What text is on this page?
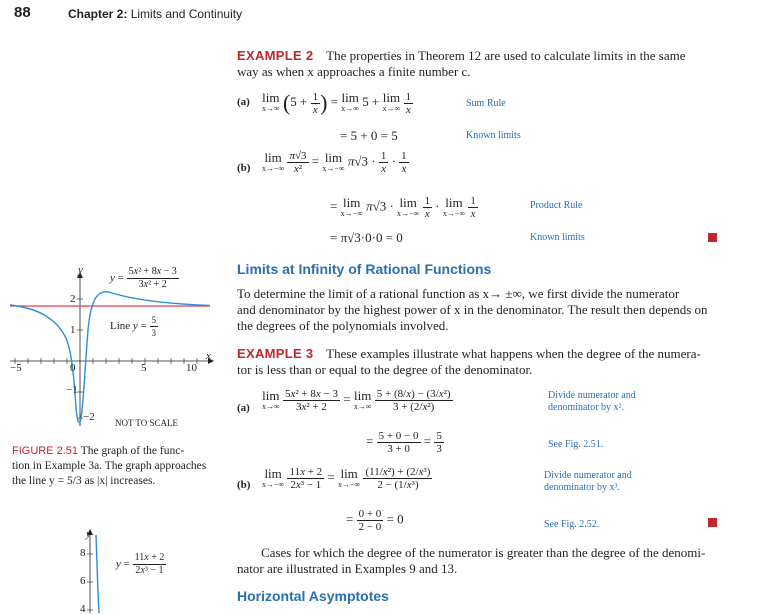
88	Chapter 2: Limits and Continuity
EXAMPLE 2 The properties in Theorem 12 are used to calculate limits in the same
way as when x approaches a finite number c.
(a) lim
x→∞ ($5 + \frac{1}{x}$ ) = lim
x→∞ 5 + lim
x→∞
$\frac{1}{x}$	Sum Rule
= 5 + 0 = 5	Known limits
(b)
lim
x→−∞
$\frac{\pi√3}{\text{x²}} = \lim$
x→−∞ $\pi√3 \cdot \frac{1}{x} \cdot \frac{1}{x}$
= lim
x→−∞ π√3 · lim
x→−∞
$\frac{1}{x} \cdot \lim$
x→−∞
$\frac{1}{x}$	Product Rule
= π√3·0·0 = 0	Known limits
Limits at Infinity of Rational Functions
To determine the limit of a rational function as x→ ±∞, we first divide the numerator
and denominator by the highest power of x in the denominator. The result then depends on
the degrees of the polynomials involved.
EXAMPLE 3 These examples illustrate what happens when the degree of the numera-
tor is less than or equal to the degree of the denominator.
(a)
lim
x→∞
$\frac{\text{5x² + 8x − 3}}{\text{3x² + 2}} = \lim$
x→∞
$\frac{\text{5 + (8/x) − (3/x²)}}{\text{3 + (2/x²)}}$	Divide numerator and
denominator by x².
= $\frac{5 + 0 - 0}{3 + 0} = \frac{5}{3}$	See Fig. 2.51.
(b)
lim
x→−∞
$\frac{11x + 2}{\text{2x³ − 1}} = \lim$
x→−∞
$\frac{\text{(11/x²) + (2/x³)}}{\text{2 − (1/x³)}}$	Divide numerator and
denominator by x³.
= $\frac{0 + 0}{2 - 0} = 0$	See Fig. 2.52.
Cases for which the degree of the numerator is greater than the degree of the denomi-
nator are illustrated in Examples 9 and 13.
Horizontal Asymptotes
y
x
2
1
−1
−2
0
−5	5	10
$y = \frac{\text{5x² + 8x − 3}}{\text{3x² + 2}}$
Line $y = \frac{5}{3}$
NOT TO SCALE
FIGURE 2.51 The graph of the func-
tion in Example 3a. The graph approaches
the line y = 5/3 as |x| increases.
y
8
6
4
$y = \frac{11x + 2}{\text{2x³ − 1}}$
